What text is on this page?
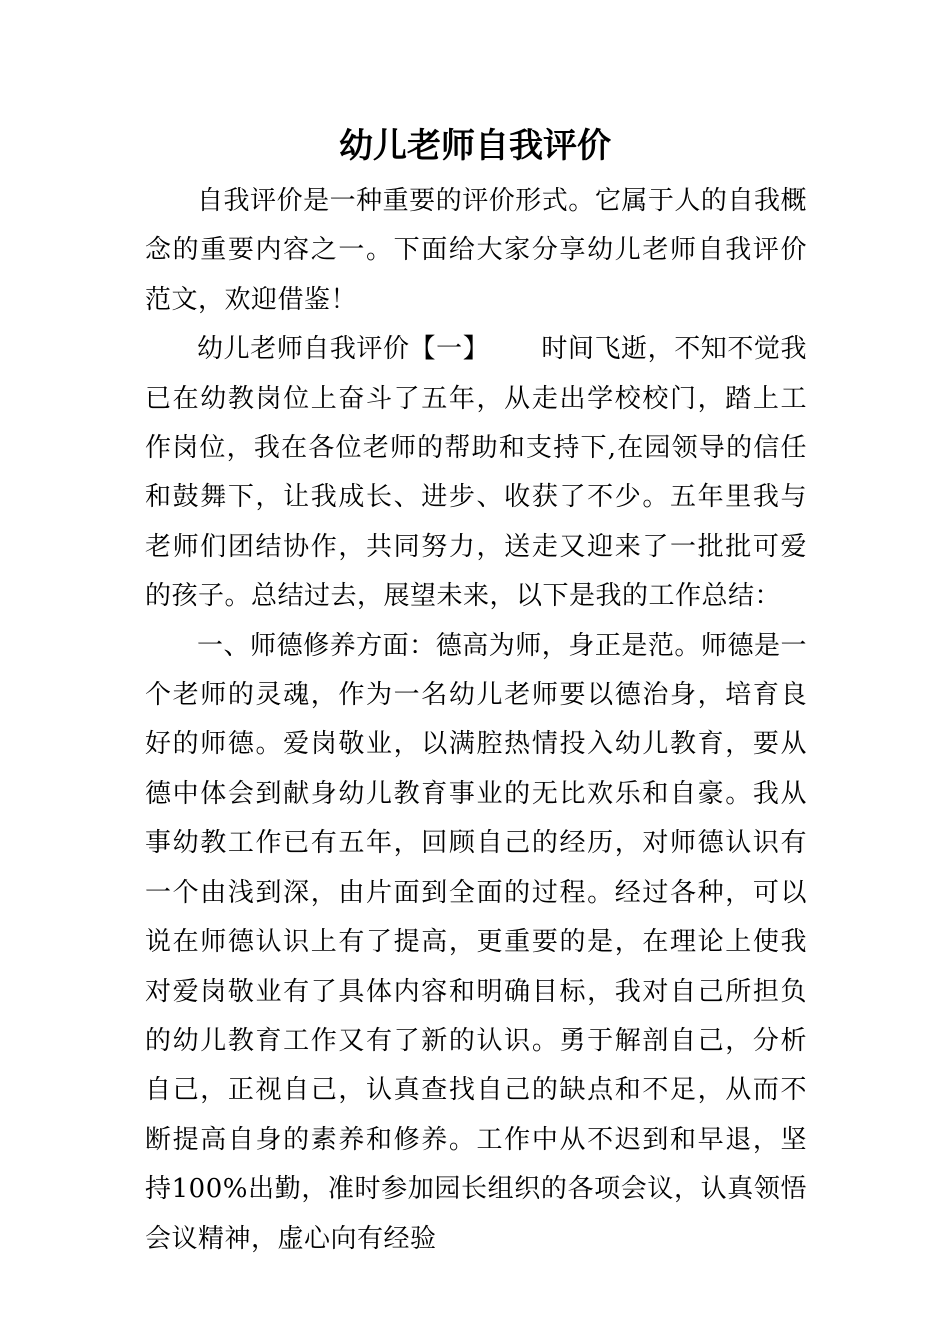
幼儿老师自我评价

自我评价是一种重要的评价形式。它属于人的自我概念的重要内容之一。下面给大家分享幼儿老师自我评价范文，欢迎借鉴！

幼儿老师自我评价【一】 时间飞逝，不知不觉我已在幼教岗位上奋斗了五年，从走出学校校门，踏上工作岗位，我在各位老师的帮助和支持下,在园领导的信任和鼓舞下，让我成长、进步、收获了不少。五年里我与老师们团结协作，共同努力，送走又迎来了一批批可爱的孩子。总结过去，展望未来，以下是我的工作总结：

一、师德修养方面：德高为师，身正是范。师德是一个老师的灵魂，作为一名幼儿老师要以德治身，培育良好的师德。爱岗敬业，以满腔热情投入幼儿教育，要从德中体会到献身幼儿教育事业的无比欢乐和自豪。我从事幼教工作已有五年，回顾自己的经历，对师德认识有一个由浅到深，由片面到全面的过程。经过各种，可以说在师德认识上有了提高，更重要的是，在理论上使我对爱岗敬业有了具体内容和明确目标，我对自己所担负的幼儿教育工作又有了新的认识。勇于解剖自己，分析自己，正视自己，认真查找自己的缺点和不足，从而不断提高自身的素养和修养。工作中从不迟到和早退，坚持100%出勤，准时参加园长组织的各项会议，认真领悟会议精神，虚心向有经验
